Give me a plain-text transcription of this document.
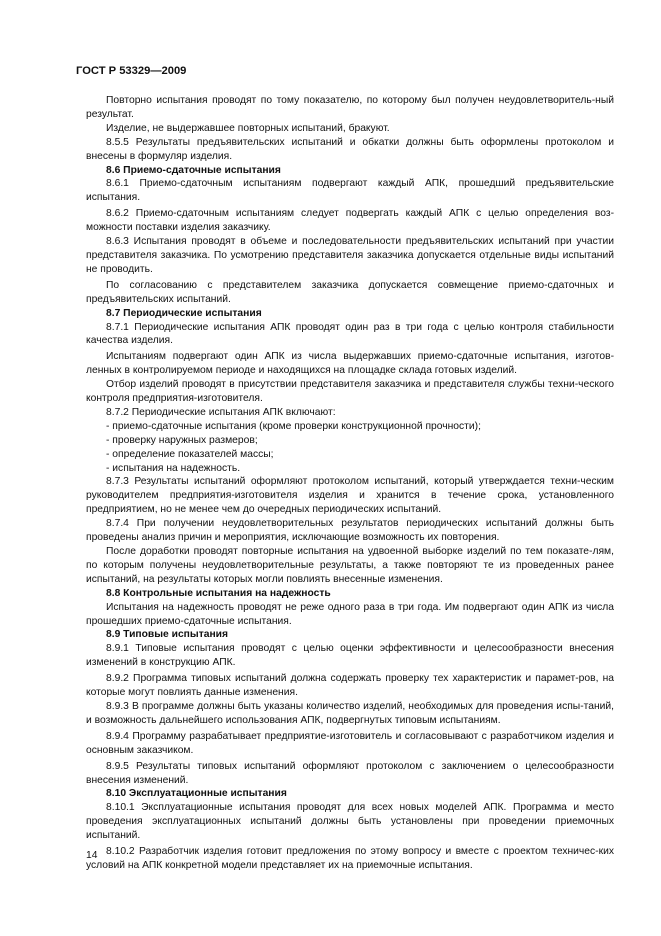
ГОСТ Р 53329—2009

Повторно испытания проводят по тому показателю, по которому был получен неудовлетворитель-ный результат.

Изделие, не выдержавшее повторных испытаний, бракуют.

8.5.5 Результаты предъявительских испытаний и обкатки должны быть оформлены протоколом и внесены в формуляр изделия.

8.6 Приемо-сдаточные испытания

8.6.1 Приемо-сдаточным испытаниям подвергают каждый АПК, прошедший предъявительские испытания.

8.6.2 Приемо-сдаточным испытаниям следует подвергать каждый АПК с целью определения воз-можности поставки изделия заказчику.

8.6.3 Испытания проводят в объеме и последовательности предъявительских испытаний при участии представителя заказчика. По усмотрению представителя заказчика допускается отдельные виды испытаний не проводить.

По согласованию с представителем заказчика допускается совмещение приемо-сдаточных и предъявительских испытаний.

8.7 Периодические испытания

8.7.1 Периодические испытания АПК проводят один раз в три года с целью контроля стабильности качества изделия.

Испытаниям подвергают один АПК из числа выдержавших приемо-сдаточные испытания, изготов-ленных в контролируемом периоде и находящихся на площадке склада готовых изделий.

Отбор изделий проводят в присутствии представителя заказчика и представителя службы техни-ческого контроля предприятия-изготовителя.

8.7.2 Периодические испытания АПК включают:

- приемо-сдаточные испытания (кроме проверки конструкционной прочности);

- проверку наружных размеров;

- определение показателей массы;

- испытания на надежность.

8.7.3 Результаты испытаний оформляют протоколом испытаний, который утверждается техни-ческим руководителем предприятия-изготовителя изделия и хранится в течение срока, установленного предприятием, но не менее чем до очередных периодических испытаний.

8.7.4 При получении неудовлетворительных результатов периодических испытаний должны быть проведены анализ причин и мероприятия, исключающие возможность их повторения.

После доработки проводят повторные испытания на удвоенной выборке изделий по тем показате-лям, по которым получены неудовлетворительные результаты, а также повторяют те из проведенных ранее испытаний, на результаты которых могли повлиять внесенные изменения.

8.8 Контрольные испытания на надежность

Испытания на надежность проводят не реже одного раза в три года. Им подвергают один АПК из числа прошедших приемо-сдаточные испытания.

8.9 Типовые испытания

8.9.1 Типовые испытания проводят с целью оценки эффективности и целесообразности внесения изменений в конструкцию АПК.

8.9.2 Программа типовых испытаний должна содержать проверку тех характеристик и парамет-ров, на которые могут повлиять данные изменения.

8.9.3 В программе должны быть указаны количество изделий, необходимых для проведения испы-таний, и возможность дальнейшего использования АПК, подвергнутых типовым испытаниям.

8.9.4 Программу разрабатывает предприятие-изготовитель и согласовывают с разработчиком изделия и основным заказчиком.

8.9.5 Результаты типовых испытаний оформляют протоколом с заключением о целесообразности внесения изменений.

8.10 Эксплуатационные испытания

8.10.1 Эксплуатационные испытания проводят для всех новых моделей АПК. Программа и место проведения эксплуатационных испытаний должны быть установлены при проведении приемочных испытаний.

8.10.2 Разработчик изделия готовит предложения по этому вопросу и вместе с проектом техничес-ких условий на АПК конкретной модели представляет их на приемочные испытания.

14
